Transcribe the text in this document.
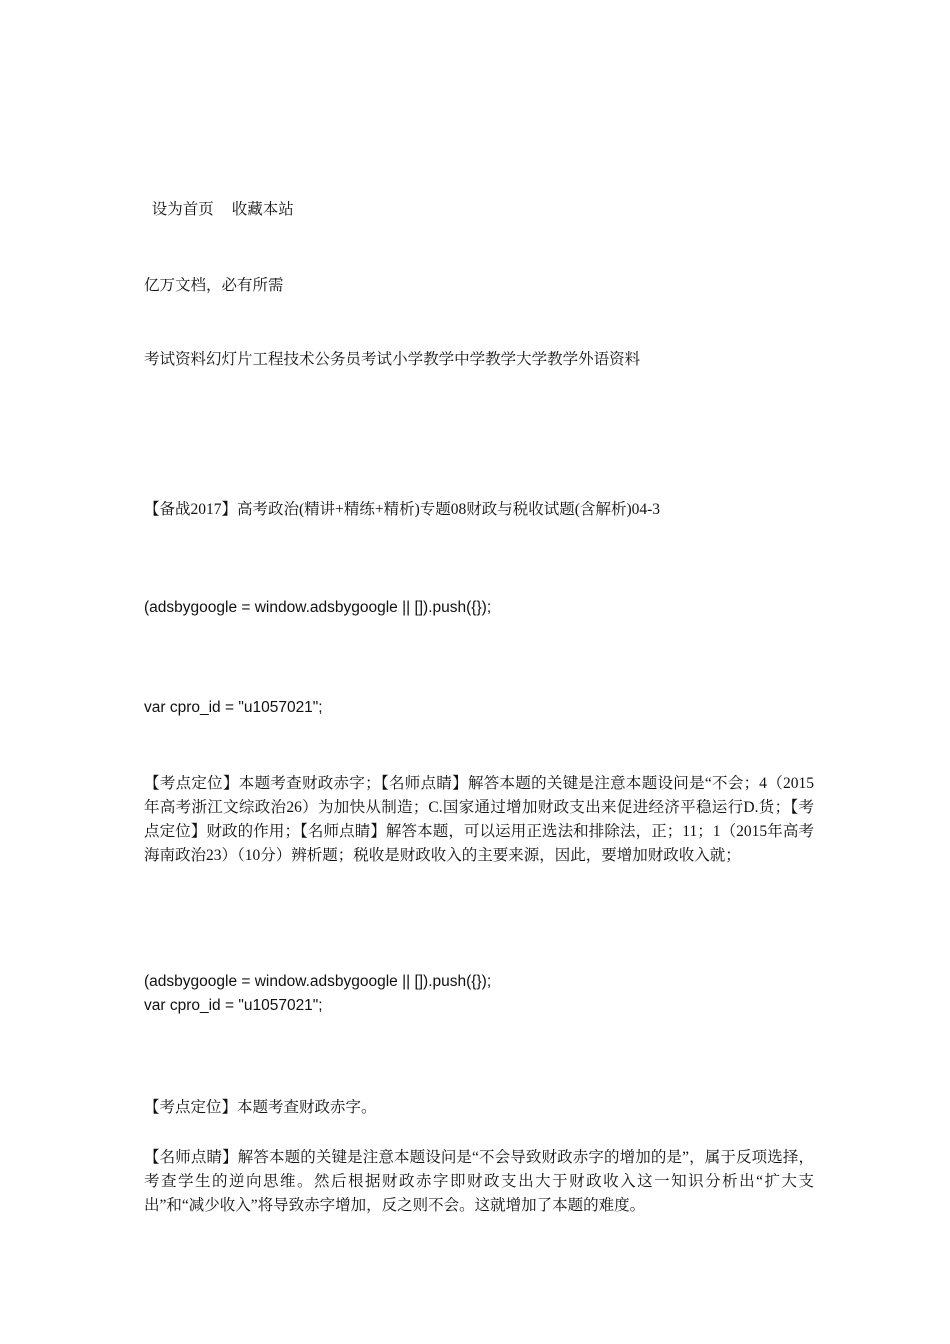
设为首页 收藏本站

亿万文档，必有所需

考试资料幻灯片工程技术公务员考试小学教学中学教学大学教学外语资料
【备战2017】高考政治(精讲+精练+精析)专题08财政与税收试题(含解析)04-3

(adsbygoogle = window.adsbygoogle || []).push({});

var cpro_id = "u1057021";

【考点定位】本题考查财政赤字；【名师点睛】解答本题的关键是注意本题设问是“不会；4（2015年高考浙江文综政治26）为加快从制造；C.国家通过增加财政支出来促进经济平稳运行D.货；【考点定位】财政的作用；【名师点睛】解答本题，可以运用正选法和排除法，正；11；1（2015年高考海南政治23）（10分）辨析题；税收是财政收入的主要来源，因此，要增加财政收入就；

(adsbygoogle = window.adsbygoogle || []).push({});

var cpro_id = "u1057021";

【考点定位】本题考查财政赤字。

【名师点睛】解答本题的关键是注意本题设问是“不会导致财政赤字的增加的是”，属于反项选择，考查学生的逆向思维。然后根据财政赤字即财政支出大于财政收入这一知识分析出“扩大支出”和“减少收入”将导致赤字增加，反之则不会。这就增加了本题的难度。
